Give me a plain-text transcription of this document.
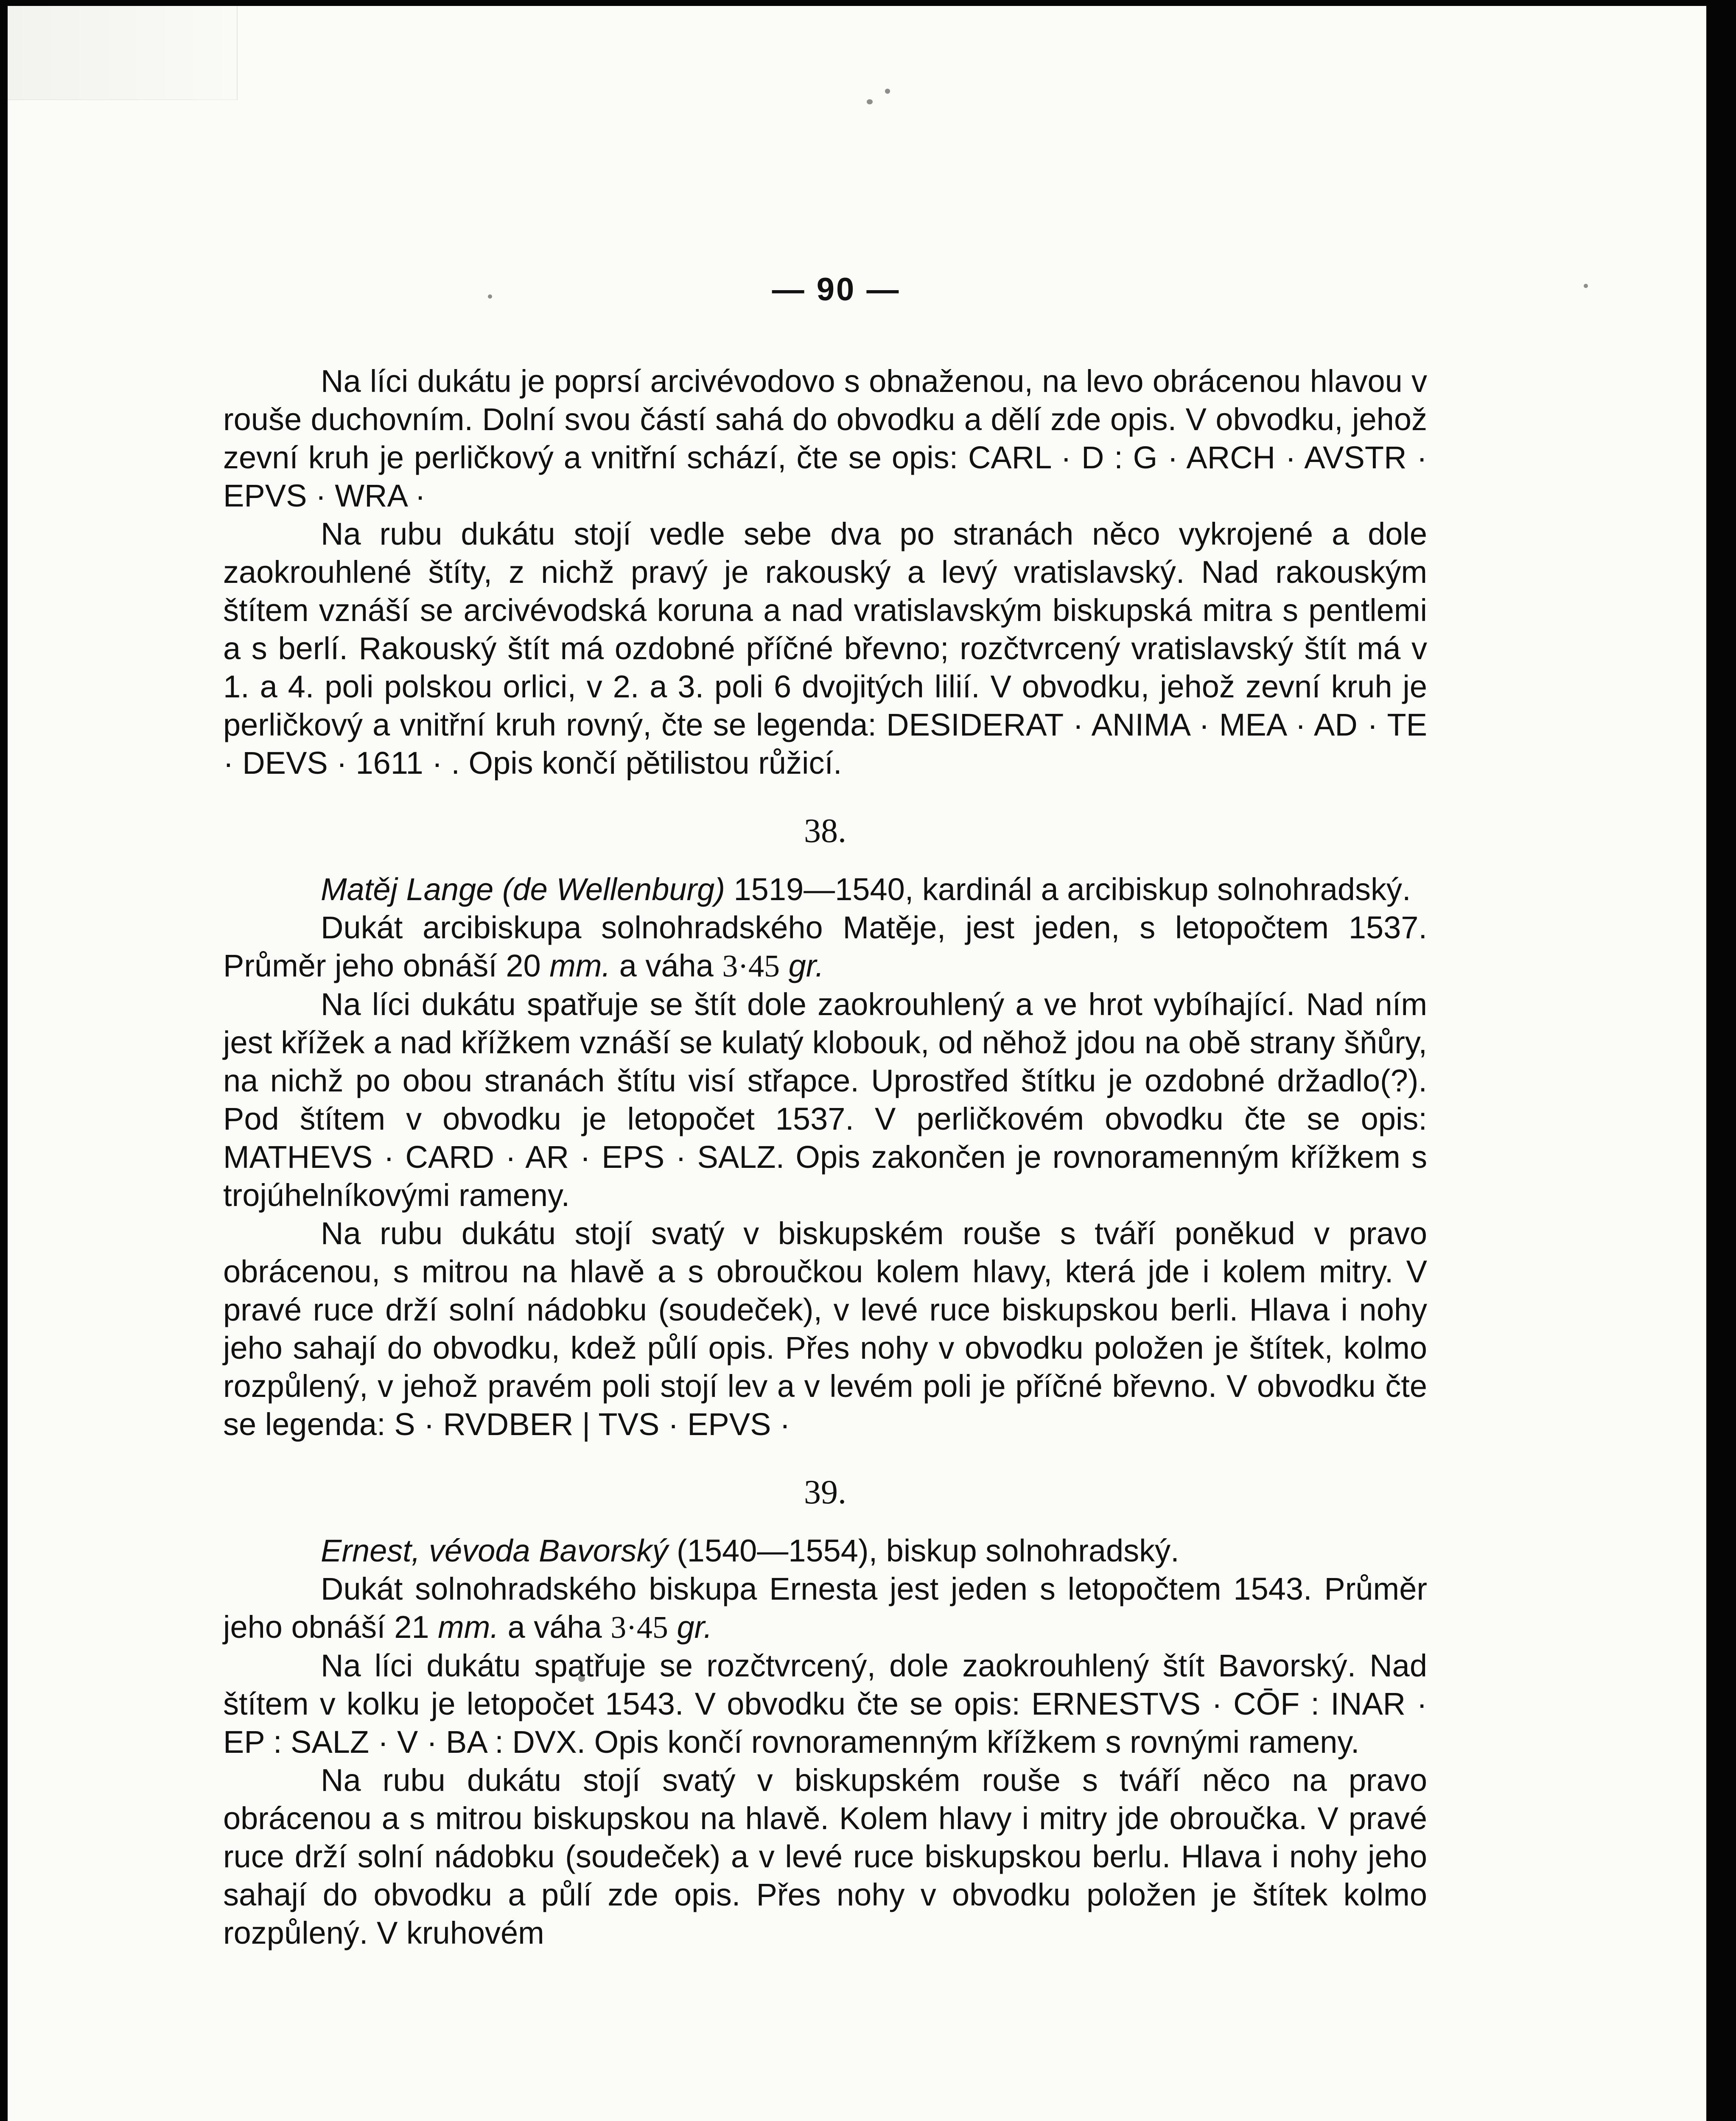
— 90 —

Na líci dukátu je poprsí arcivévodovo s obnaženou, na levo obrácenou hlavou v rouše duchovním. Dolní svou částí sahá do obvodku a dělí zde opis. V obvodku, jehož zevní kruh je perličkový a vnitřní schází, čte se opis: CARL · D : G · ARCH · AVSTR · EPVS · WRA ·

Na rubu dukátu stojí vedle sebe dva po stranách něco vykrojené a dole zaokrouhlené štíty, z nichž pravý je rakouský a levý vratislavský. Nad rakouským štítem vznáší se arcivévodská koruna a nad vratislavským biskupská mitra s pentlemi a s berlí. Rakouský štít má ozdobné příčné břevno; rozčtvrcený vratislavský štít má v 1. a 4. poli polskou orlici, v 2. a 3. poli 6 dvojitých lilií. V obvodku, jehož zevní kruh je perličkový a vnitřní kruh rovný, čte se legenda: DESIDERAT · ANIMA · MEA · AD · TE · DEVS · 1611 · . Opis končí pětilistou růžicí.

38.

Matěj Lange (de Wellenburg) 1519—1540, kardinál a arcibiskup solnohradský.

Dukát arcibiskupa solnohradského Matěje, jest jeden, s letopočtem 1537. Průměr jeho obnáší 20 mm. a váha 3·45 gr.

Na líci dukátu spatřuje se štít dole zaokrouhlený a ve hrot vybíhající. Nad ním jest křížek a nad křížkem vznáší se kulatý klobouk, od něhož jdou na obě strany šňůry, na nichž po obou stranách štítu visí střapce. Uprostřed štítku je ozdobné držadlo(?). Pod štítem v obvodku je letopočet 1537. V perličkovém obvodku čte se opis: MATHEVS · CARD · AR · EPS · SALZ. Opis zakončen je rovnoramenným křížkem s trojúhelníkovými rameny.

Na rubu dukátu stojí svatý v biskupském rouše s tváří poněkud v pravo obrácenou, s mitrou na hlavě a s obroučkou kolem hlavy, která jde i kolem mitry. V pravé ruce drží solní nádobku (soudeček), v levé ruce biskupskou berli. Hlava i nohy jeho sahají do obvodku, kdež půlí opis. Přes nohy v obvodku položen je štítek, kolmo rozpůlený, v jehož pravém poli stojí lev a v levém poli je příčné břevno. V obvodku čte se legenda: S · RVDBER | TVS · EPVS ·

39.

Ernest, vévoda Bavorský (1540—1554), biskup solnohradský.

Dukát solnohradského biskupa Ernesta jest jeden s letopočtem 1543. Průměr jeho obnáší 21 mm. a váha 3·45 gr.

Na líci dukátu spatřuje se rozčtvrcený, dole zaokrouhlený štít Bavorský. Nad štítem v kolku je letopočet 1543. V obvodku čte se opis: ERNESTVS · CŌF : INAR · EP : SALZ · V · BA : DVX. Opis končí rovnoramenným křížkem s rovnými rameny.

Na rubu dukátu stojí svatý v biskupském rouše s tváří něco na pravo obrácenou a s mitrou biskupskou na hlavě. Kolem hlavy i mitry jde obroučka. V pravé ruce drží solní nádobku (soudeček) a v levé ruce biskupskou berlu. Hlava i nohy jeho sahají do obvodku a půlí zde opis. Přes nohy v obvodku položen je štítek kolmo rozpůlený. V kruhovém
